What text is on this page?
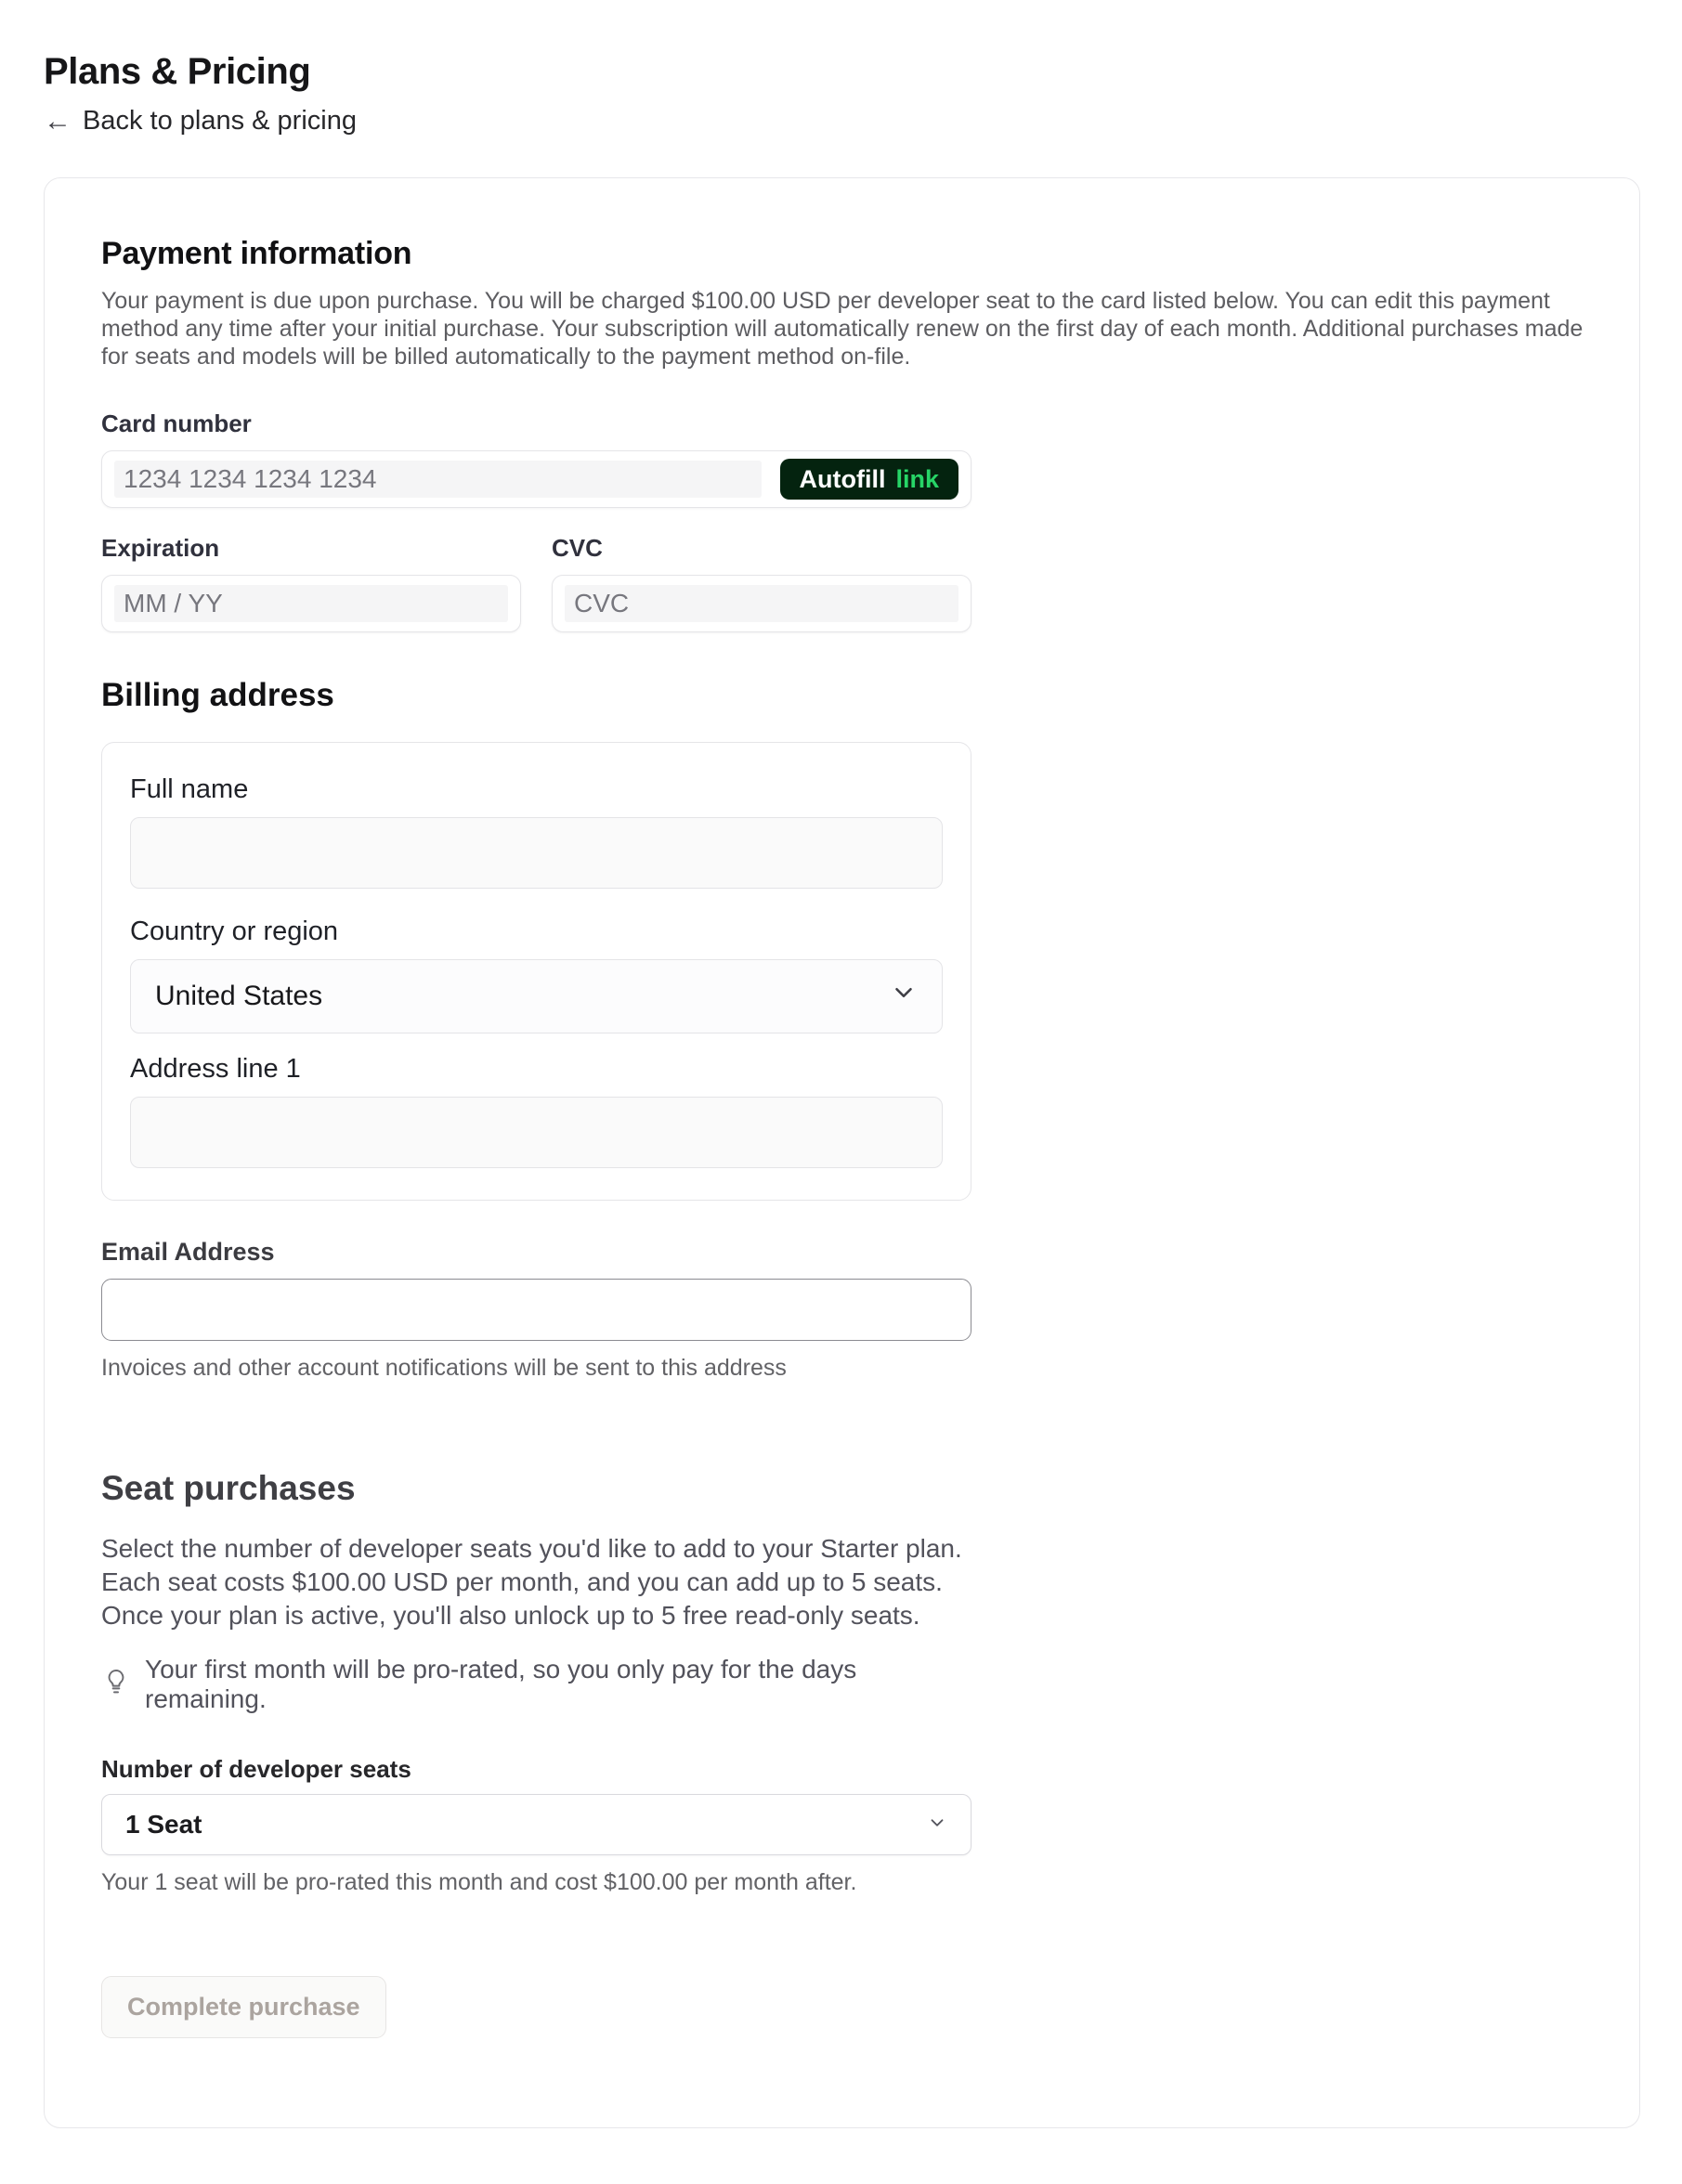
Plans & Pricing
← Back to plans & pricing
Payment information

Your payment is due upon purchase. You will be charged $100.00 USD per developer seat to the card listed below. You can edit this payment method any time after your initial purchase. Your subscription will automatically renew on the first day of each month. Additional purchases made for seats and models will be billed automatically to the payment method on-file.

Card number
1234 1234 1234 1234	Autofill link
Expiration
MM / YY
CVC
CVC
Billing address
Full name
Country or region
United States
Address line 1
Email Address

Invoices and other account notifications will be sent to this address

Seat purchases

Select the number of developer seats you'd like to add to your Starter plan. Each seat costs $100.00 USD per month, and you can add up to 5 seats. Once your plan is active, you'll also unlock up to 5 free read-only seats.

Your first month will be pro-rated, so you only pay for the days remaining.
Number of developer seats
1 Seat

Your 1 seat will be pro-rated this month and cost $100.00 per month after.

Complete purchase
